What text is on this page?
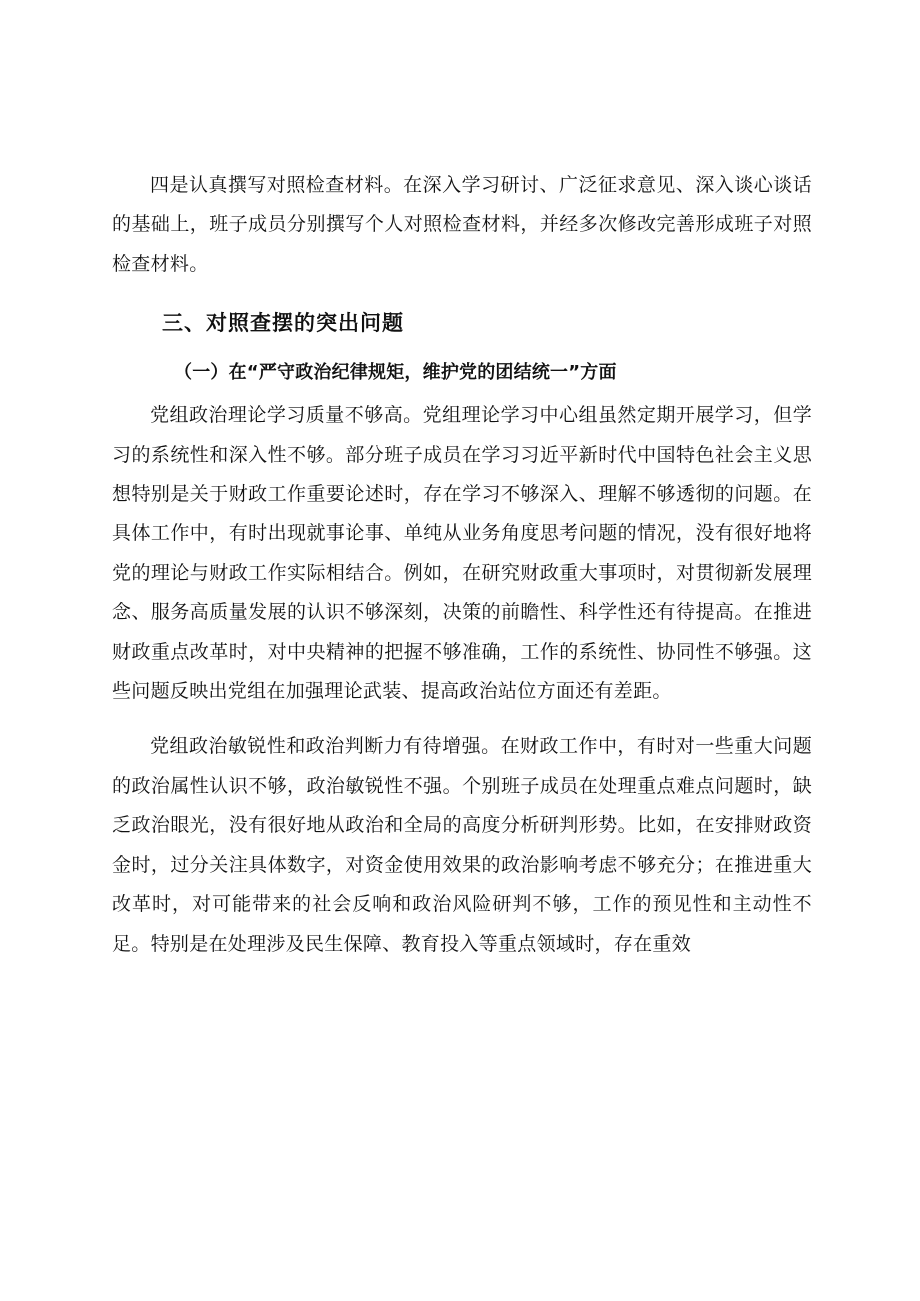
四是认真撰写对照检查材料。在深入学习研讨、广泛征求意见、深入谈心谈话的基础上，班子成员分别撰写个人对照检查材料，并经多次修改完善形成班子对照检查材料。

三、对照查摆的突出问题
（一）在“严守政治纪律规矩，维护党的团结统一”方面

党组政治理论学习质量不够高。党组理论学习中心组虽然定期开展学习，但学习的系统性和深入性不够。部分班子成员在学习习近平新时代中国特色社会主义思想特别是关于财政工作重要论述时，存在学习不够深入、理解不够透彻的问题。在具体工作中，有时出现就事论事、单纯从业务角度思考问题的情况，没有很好地将党的理论与财政工作实际相结合。例如，在研究财政重大事项时，对贯彻新发展理念、服务高质量发展的认识不够深刻，决策的前瞻性、科学性还有待提高。在推进财政重点改革时，对中央精神的把握不够准确，工作的系统性、协同性不够强。这些问题反映出党组在加强理论武装、提高政治站位方面还有差距。

党组政治敏锐性和政治判断力有待增强。在财政工作中，有时对一些重大问题的政治属性认识不够，政治敏锐性不强。个别班子成员在处理重点难点问题时，缺乏政治眼光，没有很好地从政治和全局的高度分析研判形势。比如，在安排财政资金时，过分关注具体数字，对资金使用效果的政治影响考虑不够充分；在推进重大改革时，对可能带来的社会反响和政治风险研判不够，工作的预见性和主动性不足。特别是在处理涉及民生保障、教育投入等重点领域时，存在重效
